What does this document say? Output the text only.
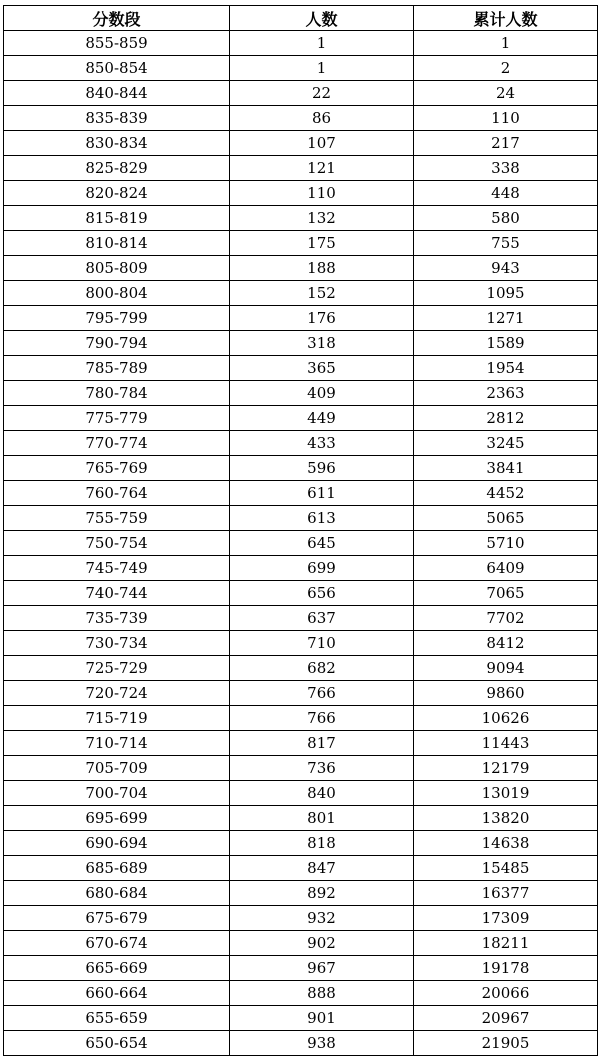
分数段	人数	累计人数
855-859	1	1
850-854	1	2
840-844	22	24
835-839	86	110
830-834	107	217
825-829	121	338
820-824	110	448
815-819	132	580
810-814	175	755
805-809	188	943
800-804	152	1095
795-799	176	1271
790-794	318	1589
785-789	365	1954
780-784	409	2363
775-779	449	2812
770-774	433	3245
765-769	596	3841
760-764	611	4452
755-759	613	5065
750-754	645	5710
745-749	699	6409
740-744	656	7065
735-739	637	7702
730-734	710	8412
725-729	682	9094
720-724	766	9860
715-719	766	10626
710-714	817	11443
705-709	736	12179
700-704	840	13019
695-699	801	13820
690-694	818	14638
685-689	847	15485
680-684	892	16377
675-679	932	17309
670-674	902	18211
665-669	967	19178
660-664	888	20066
655-659	901	20967
650-654	938	21905
